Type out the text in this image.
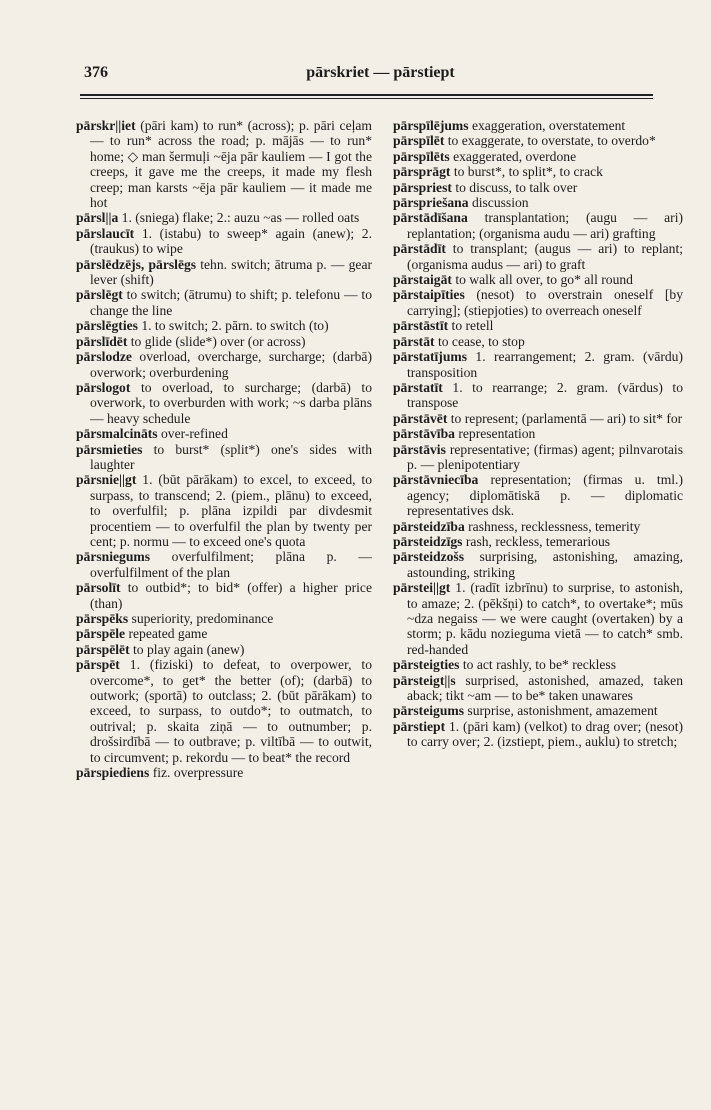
376	pārskriet — pārstiept

pārskr||iet (pāri kam) to run* (across); p. pāri ceļam — to run* across the road; p. mājās — to run* home; ◇ man šermuļi ~ēja pār kauliem — I got the creeps, it gave me the creeps, it made my flesh creep; man karsts ~ēja pār kauliem — it made me hot

pārsl||a 1. (sniega) flake; 2.: auzu ~as — rolled oats

pārslaucīt 1. (istabu) to sweep* again (anew); 2. (traukus) to wipe

pārslēdzējs, pārslēgs tehn. switch; ātruma p. — gear lever (shift)

pārslēgt to switch; (ātrumu) to shift; p. telefonu — to change the line

pārslēgties 1. to switch; 2. pārn. to switch (to)

pārslīdēt to glide (slide*) over (or across)

pārslodze overload, overcharge, surcharge; (darbā) overwork; overburdening

pārslogot to overload, to surcharge; (darbā) to overwork, to overburden with work; ~s darba plāns — heavy schedule

pārsmalcināts over-refined

pārsmieties to burst* (split*) one's sides with laughter

pārsnie||gt 1. (būt pārākam) to excel, to exceed, to surpass, to transcend; 2. (piem., plānu) to exceed, to overfulfil; p. plāna izpildi par divdesmit procentiem — to overfulfil the plan by twenty per cent; p. normu — to exceed one's quota

pārsniegums overfulfilment; plāna p. — overfulfilment of the plan

pārsolīt to outbid*; to bid* (offer) a higher price (than)

pārspēks superiority, predominance

pārspēle repeated game

pārspēlēt to play again (anew)

pārspēt 1. (fiziski) to defeat, to overpower, to overcome*, to get* the better (of); (darbā) to outwork; (sportā) to outclass; 2. (būt pārākam) to exceed, to surpass, to outdo*; to outmatch, to outrival; p. skaita ziņā — to outnumber; p. drošsirdībā — to outbrave; p. viltībā — to outwit, to circumvent; p. rekordu — to beat* the record

pārspiediens fiz. overpressure

pārspīlējums exaggeration, overstatement

pārspīlēt to exaggerate, to overstate, to overdo*

pārspīlēts exaggerated, overdone

pārsprāgt to burst*, to split*, to crack

pārspriest to discuss, to talk over

pārspriešana discussion

pārstādīšana transplantation; (augu — ari) replantation; (organisma audu — ari) grafting

pārstādīt to transplant; (augus — ari) to replant; (organisma audus — ari) to graft

pārstaigāt to walk all over, to go* all round

pārstaipīties (nesot) to overstrain oneself [by carrying]; (stiepjoties) to overreach oneself

pārstāstīt to retell

pārstāt to cease, to stop

pārstatījums 1. rearrangement; 2. gram. (vārdu) transposition

pārstatīt 1. to rearrange; 2. gram. (vārdus) to transpose

pārstāvēt to represent; (parlamentā — ari) to sit* for

pārstāvība representation

pārstāvis representative; (firmas) agent; pilnvarotais p. — plenipotentiary

pārstāvniecība representation; (firmas u. tml.) agency; diplomātiskā p. — diplomatic representatives dsk.

pārsteidzība rashness, recklessness, temerity

pārsteidzīgs rash, reckless, temerarious

pārsteidzošs surprising, astonishing, amazing, astounding, striking

pārstei||gt 1. (radīt izbrīnu) to surprise, to astonish, to amaze; 2. (pēkšņi) to catch*, to overtake*; mūs ~dza negaiss — we were caught (overtaken) by a storm; p. kādu nozieguma vietā — to catch* smb. red-handed

pārsteigties to act rashly, to be* reckless

pārsteigt||s surprised, astonished, amazed, taken aback; tikt ~am — to be* taken unawares

pārsteigums surprise, astonishment, amazement

pārstiept 1. (pāri kam) (velkot) to drag over; (nesot) to carry over; 2. (izstiept, piem., auklu) to stretch;
